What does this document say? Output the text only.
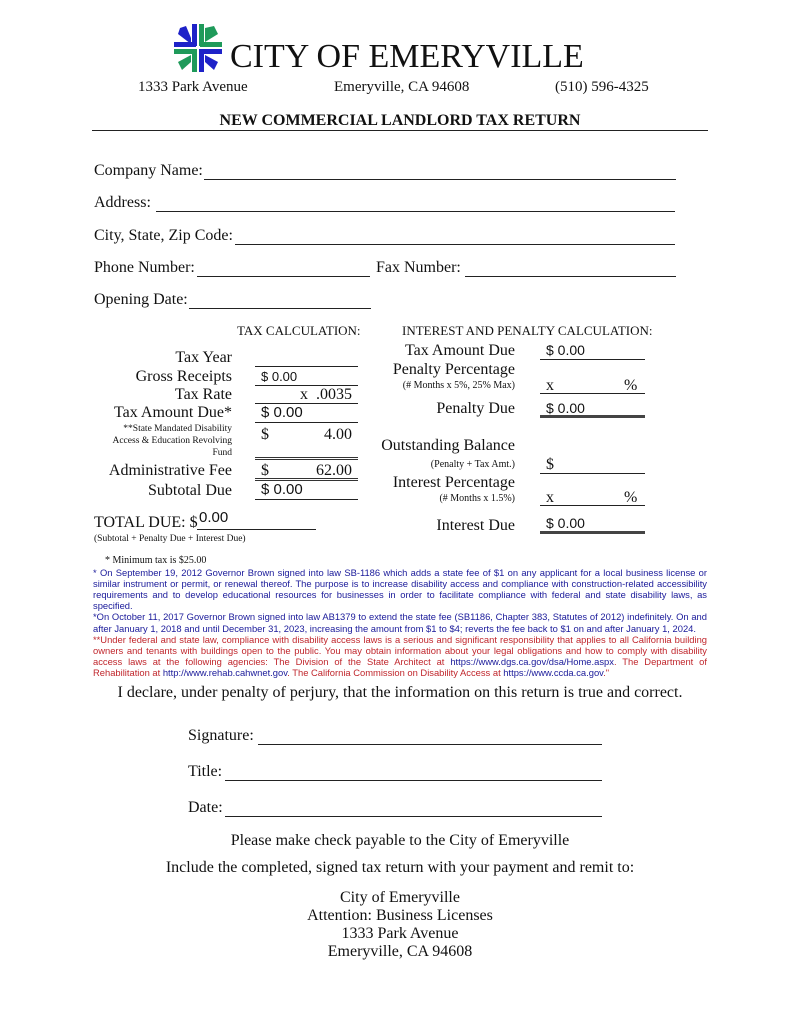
CITY OF EMERYVILLE
1333 Park Avenue	Emeryville, CA 94608	(510) 596-4325
NEW COMMERCIAL LANDLORD TAX RETURN
Company Name:
Address:
City, State, Zip Code:
Phone Number:	Fax Number:
Opening Date:
TAX CALCULATION:	INTEREST AND PENALTY CALCULATION:
Tax Year
Gross Receipts $ 0.00
Tax Rate	x  .0035
Tax Amount Due* $ 0.00
**State Mandated Disability
Access & Education Revolving
Fund
$	4.00
Administrative Fee $	62.00
Subtotal Due $ 0.00
TOTAL DUE: $ 0.00
(Subtotal + Penalty Due + Interest Due)
Tax Amount Due $ 0.00
Penalty Percentage
(# Months x 5%, 25% Max) x	%
Penalty Due $ 0.00
Outstanding Balance
(Penalty + Tax Amt.) $
Interest Percentage
(# Months x 1.5%) x	%
Interest Due $ 0.00

* Minimum tax is $25.00

* On September 19, 2012 Governor Brown signed into law SB-1186 which adds a state fee of $1 on any applicant for a local business license or similar instrument or permit, or renewal thereof. The purpose is to increase disability access and compliance with construction-related accessibility requirements and to develop educational resources for businesses in order to facilitate compliance with federal and state disability laws, as specified.

*On October 11, 2017 Governor Brown signed into law AB1379 to extend the state fee (SB1186, Chapter 383, Statutes of 2012) indefinitely. On and after January 1, 2018 and until December 31, 2023, increasing the amount from $1 to $4; reverts the fee back to $1 on and after January 1, 2024.

**Under federal and state law, compliance with disability access laws is a serious and significant responsibility that applies to all California building owners and tenants with buildings open to the public. You may obtain information about your legal obligations and how to comply with disability access laws at the following agencies: The Division of the State Architect at https://www.dgs.ca.gov/dsa/Home.aspx. The Department of Rehabilitation at http://www.rehab.cahwnet.gov. The California Commission on Disability Access at https://www.ccda.ca.gov."

I declare, under penalty of perjury, that the information on this return is true and correct.
Signature:
Title:
Date:
Please make check payable to the City of Emeryville
Include the completed, signed tax return with your payment and remit to:
City of Emeryville
Attention: Business Licenses
1333 Park Avenue
Emeryville, CA 94608
